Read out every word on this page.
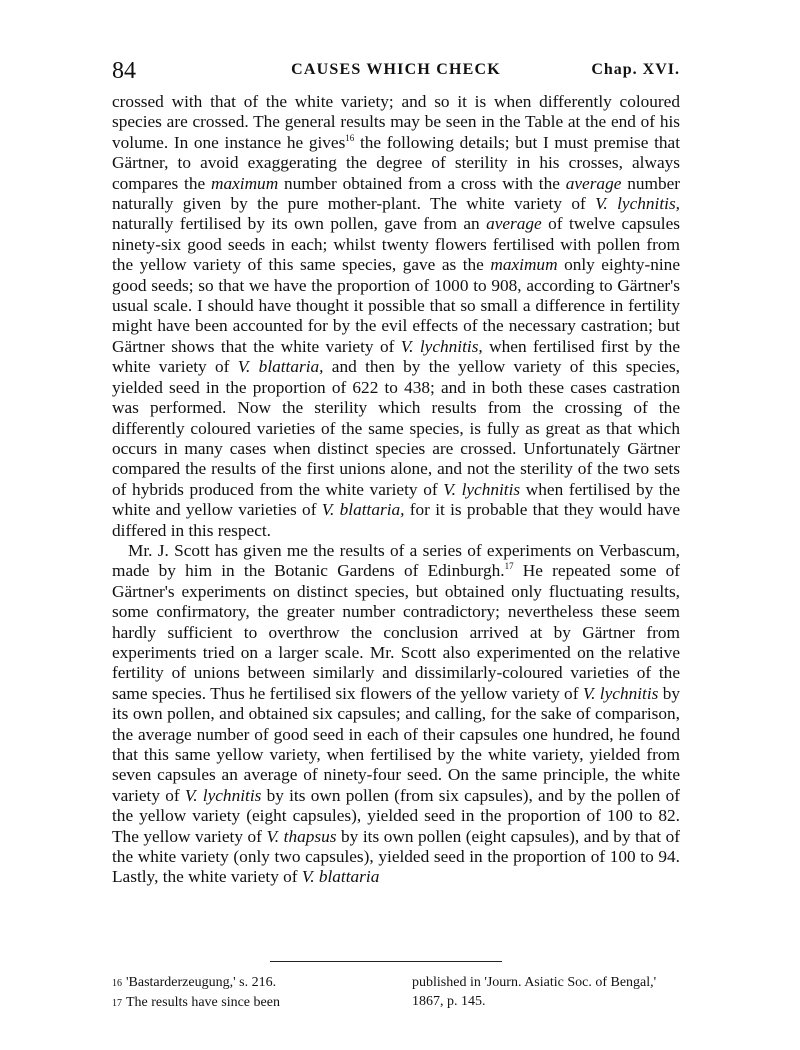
84	CAUSES WHICH CHECK	Chap. XVI.

crossed with that of the white variety; and so it is when differently coloured species are crossed. The general results may be seen in the Table at the end of his volume. In one instance he gives$^{16}$ the following details; but I must premise that Gärtner, to avoid exaggerating the degree of sterility in his crosses, always compares the maximum number obtained from a cross with the average number naturally given by the pure mother-plant. The white variety of V. lychnitis, naturally fertilised by its own pollen, gave from an average of twelve capsules ninety-six good seeds in each; whilst twenty flowers fertilised with pollen from the yellow variety of this same species, gave as the maximum only eighty-nine good seeds; so that we have the proportion of 1000 to 908, according to Gärtner's usual scale. I should have thought it possible that so small a difference in fertility might have been accounted for by the evil effects of the necessary castration; but Gärtner shows that the white variety of V. lychnitis, when fertilised first by the white variety of V. blattaria, and then by the yellow variety of this species, yielded seed in the proportion of 622 to 438; and in both these cases castration was performed. Now the sterility which results from the crossing of the differently coloured varieties of the same species, is fully as great as that which occurs in many cases when distinct species are crossed. Unfortunately Gärtner compared the results of the first unions alone, and not the sterility of the two sets of hybrids produced from the white variety of V. lychnitis when fertilised by the white and yellow varieties of V. blattaria, for it is probable that they would have differed in this respect.

Mr. J. Scott has given me the results of a series of experiments on Verbascum, made by him in the Botanic Gardens of Edinburgh.$^{17}$ He repeated some of Gärtner's experiments on distinct species, but obtained only fluctuating results, some confirmatory, the greater number contradictory; nevertheless these seem hardly sufficient to overthrow the conclusion arrived at by Gärtner from experiments tried on a larger scale. Mr. Scott also experimented on the relative fertility of unions between similarly and dissimilarly-coloured varieties of the same species. Thus he fertilised six flowers of the yellow variety of V. lychnitis by its own pollen, and obtained six capsules; and calling, for the sake of comparison, the average number of good seed in each of their capsules one hundred, he found that this same yellow variety, when fertilised by the white variety, yielded from seven capsules an average of ninety-four seed. On the same principle, the white variety of V. lychnitis by its own pollen (from six capsules), and by the pollen of the yellow variety (eight capsules), yielded seed in the proportion of 100 to 82. The yellow variety of V. thapsus by its own pollen (eight capsules), and by that of the white variety (only two capsules), yielded seed in the proportion of 100 to 94. Lastly, the white variety of V. blattaria

16 'Bastarderzeugung,' s. 216.
17 The results have since been
published in 'Journ. Asiatic Soc. of Bengal,' 1867, p. 145.
